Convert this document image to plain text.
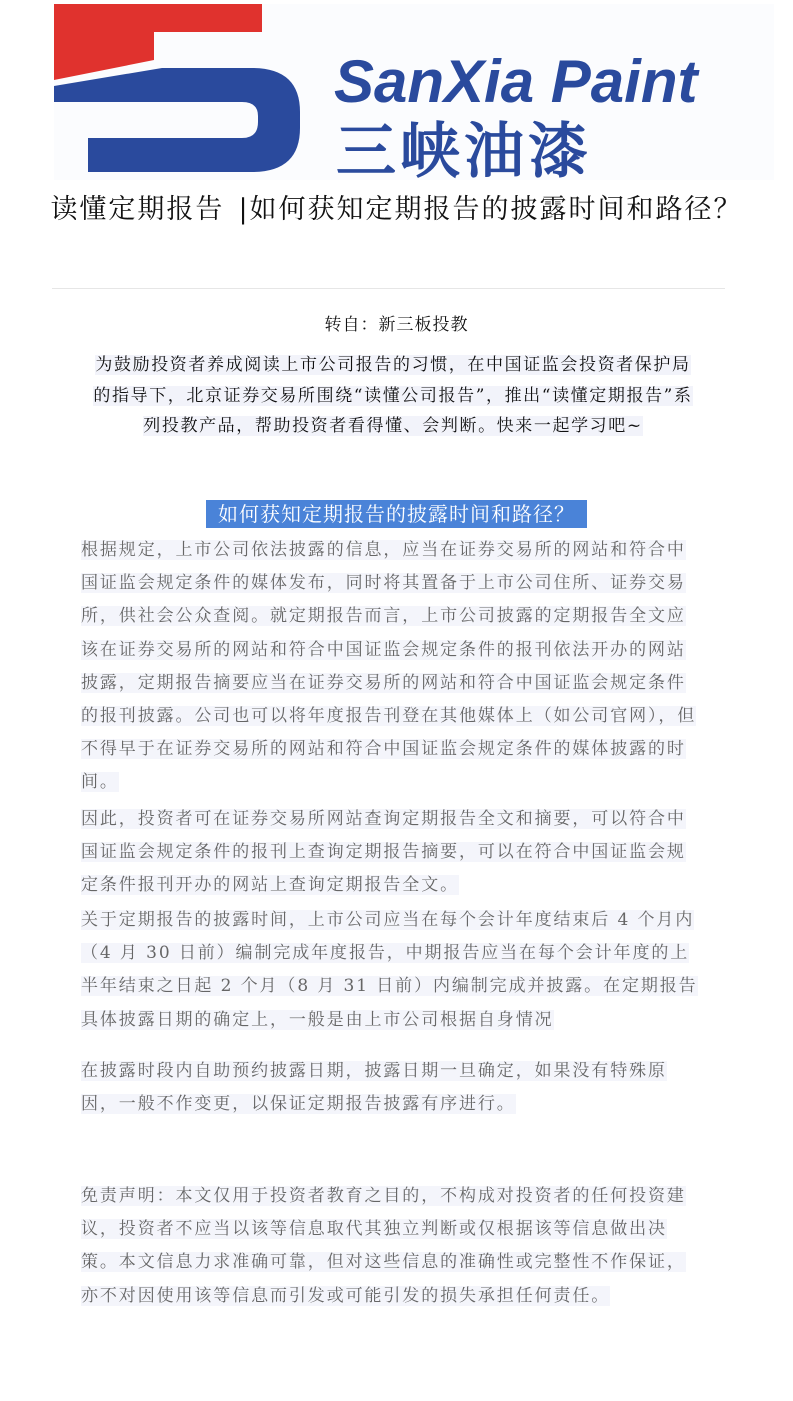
SanXia Paint
三峡油漆
读懂定期报告 |如何获知定期报告的披露时间和路径？
转自：新三板投教
为鼓励投资者养成阅读上市公司报告的习惯，在中国证监会投资者保护局的指导下，北京证券交易所围绕“读懂公司报告”，推出“读懂定期报告”系列投教产品，帮助投资者看得懂、会判断。快来一起学习吧~
如何获知定期报告的披露时间和路径？

根据规定，上市公司依法披露的信息，应当在证券交易所的网站和符合中国证监会规定条件的媒体发布，同时将其置备于上市公司住所、证券交易所，供社会公众查阅。就定期报告而言，上市公司披露的定期报告全文应该在证券交易所的网站和符合中国证监会规定条件的报刊依法开办的网站披露，定期报告摘要应当在证券交易所的网站和符合中国证监会规定条件的报刊披露。公司也可以将年度报告刊登在其他媒体上（如公司官网），但不得早于在证券交易所的网站和符合中国证监会规定条件的媒体披露的时间。

因此，投资者可在证券交易所网站查询定期报告全文和摘要，可以符合中国证监会规定条件的报刊上查询定期报告摘要，可以在符合中国证监会规定条件报刊开办的网站上查询定期报告全文。

关于定期报告的披露时间，上市公司应当在每个会计年度结束后 4 个月内（4 月 30 日前）编制完成年度报告，中期报告应当在每个会计年度的上半年结束之日起 2 个月（8 月 31 日前）内编制完成并披露。在定期报告具体披露日期的确定上，一般是由上市公司根据自身情况

在披露时段内自助预约披露日期，披露日期一旦确定，如果没有特殊原因，一般不作变更，以保证定期报告披露有序进行。

免责声明：本文仅用于投资者教育之目的，不构成对投资者的任何投资建议，投资者不应当以该等信息取代其独立判断或仅根据该等信息做出决策。本文信息力求准确可靠，但对这些信息的准确性或完整性不作保证，亦不对因使用该等信息而引发或可能引发的损失承担任何责任。
